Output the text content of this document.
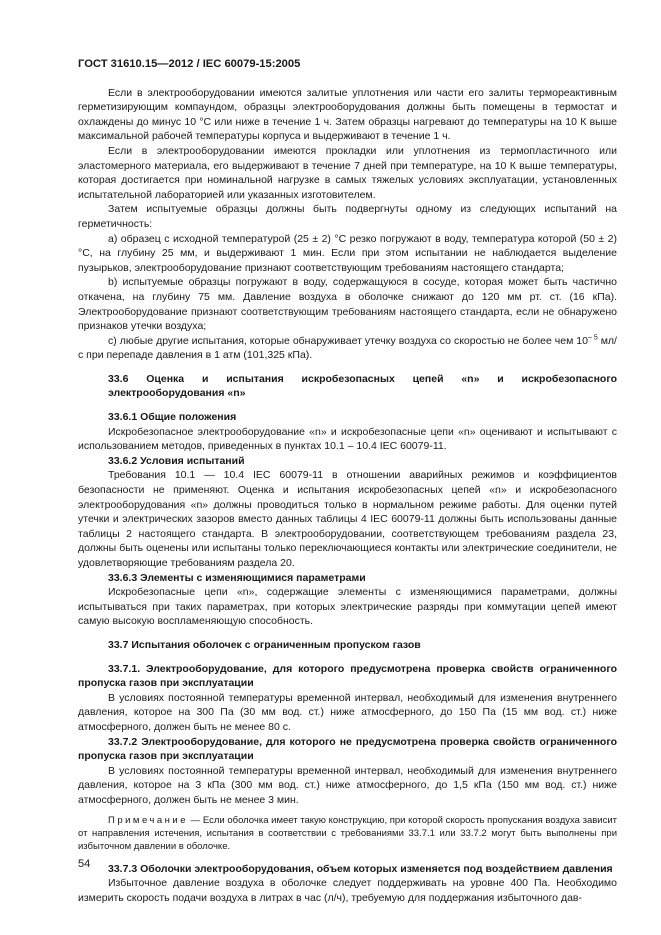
ГОСТ 31610.15—2012 / IEC 60079-15:2005

Если в электрооборудовании имеются залитые уплотнения или части его залиты термореактивным герметизирующим компаундом, образцы электрооборудования должны быть помещены в термостат и охлаждены до минус 10 °С или ниже в течение 1 ч. Затем образцы нагревают до температуры на 10 К выше максимальной рабочей температуры корпуса и выдерживают в течение 1 ч.

Если в электрооборудовании имеются прокладки или уплотнения из термопластичного или эластомерного материала, его выдерживают в течение 7 дней при температуре, на 10 К выше температуры, которая достигается при номинальной нагрузке в самых тяжелых условиях эксплуатации, установленных испытательной лабораторией или указанных изготовителем.

Затем испытуемые образцы должны быть подвергнуты одному из следующих испытаний на герметичность:

а) образец с исходной температурой (25 ± 2) °С резко погружают в воду, температура которой (50 ± 2) °С, на глубину 25 мм, и выдерживают 1 мин. Если при этом испытании не наблюдается выделение пузырьков, электрооборудование признают соответствующим требованиям настоящего стандарта;

b) испытуемые образцы погружают в воду, содержащуюся в сосуде, которая может быть частично откачена, на глубину 75 мм. Давление воздуха в оболочке снижают до 120 мм рт. ст. (16 кПа). Электрооборудование признают соответствующим требованиям настоящего стандарта, если не обнаружено признаков утечки воздуха;

c) любые другие испытания, которые обнаруживает утечку воздуха со скоростью не более чем $10^{- 5}$ мл/с при перепаде давления в 1 атм (101,325 кПа).

33.6 Оценка и испытания искробезопасных цепей «n» и искробезопасного электрооборудования «n»

33.6.1 Общие положения

Искробезопасное электрооборудование «n» и искробезопасные цепи «n» оценивают и испытывают с использованием методов, приведенных в пунктах 10.1 – 10.4 IEC 60079-11.

33.6.2 Условия испытаний

Требования 10.1 — 10.4 IEC 60079-11 в отношении аварийных режимов и коэффициентов безопасности не применяют. Оценка и испытания искробезопасных цепей «n» и искробезопасного электрооборудования «n» должны проводиться только в нормальном режиме работы. Для оценки путей утечки и электрических зазоров вместо данных таблицы 4 IEC 60079-11 должны быть использованы данные таблицы 2 настоящего стандарта. В электрооборудовании, соответствующем требованиям раздела 23, должны быть оценены или испытаны только переключающиеся контакты или электрические соединители, не удовлетворяющие требованиям раздела 20.

33.6.3 Элементы с изменяющимися параметрами

Искробезопасные цепи «n», содержащие элементы с изменяющимися параметрами, должны испытываться при таких параметрах, при которых электрические разряды при коммутации цепей имеют самую высокую воспламеняющую способность.

33.7 Испытания оболочек с ограниченным пропуском газов

33.7.1. Электрооборудование, для которого предусмотрена проверка свойств ограниченного пропуска газов при эксплуатации

В условиях постоянной температуры временной интервал, необходимый для изменения внутреннего давления, которое на 300 Па (30 мм вод. ст.) ниже атмосферного, до 150 Па (15 мм вод. ст.) ниже атмосферного, должен быть не менее 80 с.

33.7.2 Электрооборудование, для которого не предусмотрена проверка свойств ограниченного пропуска газов при эксплуатации

В условиях постоянной температуры временной интервал, необходимый для изменения внутреннего давления, которое на 3 кПа (300 мм вод. ст.) ниже атмосферного, до 1,5 кПа (150 мм вод. ст.) ниже атмосферного, должен быть не менее 3 мин.

Примечание — Если оболочка имеет такую конструкцию, при которой скорость пропускания воздуха зависит от направления истечения, испытания в соответствии с требованиями 33.7.1 или 33.7.2 могут быть выполнены при избыточном давлении в оболочке.

33.7.3 Оболочки электрооборудования, объем которых изменяется под воздействием давления

Избыточное давление воздуха в оболочке следует поддерживать на уровне 400 Па. Необходимо измерить скорость подачи воздуха в литрах в час (л/ч), требуемую для поддержания избыточного дав-

54
